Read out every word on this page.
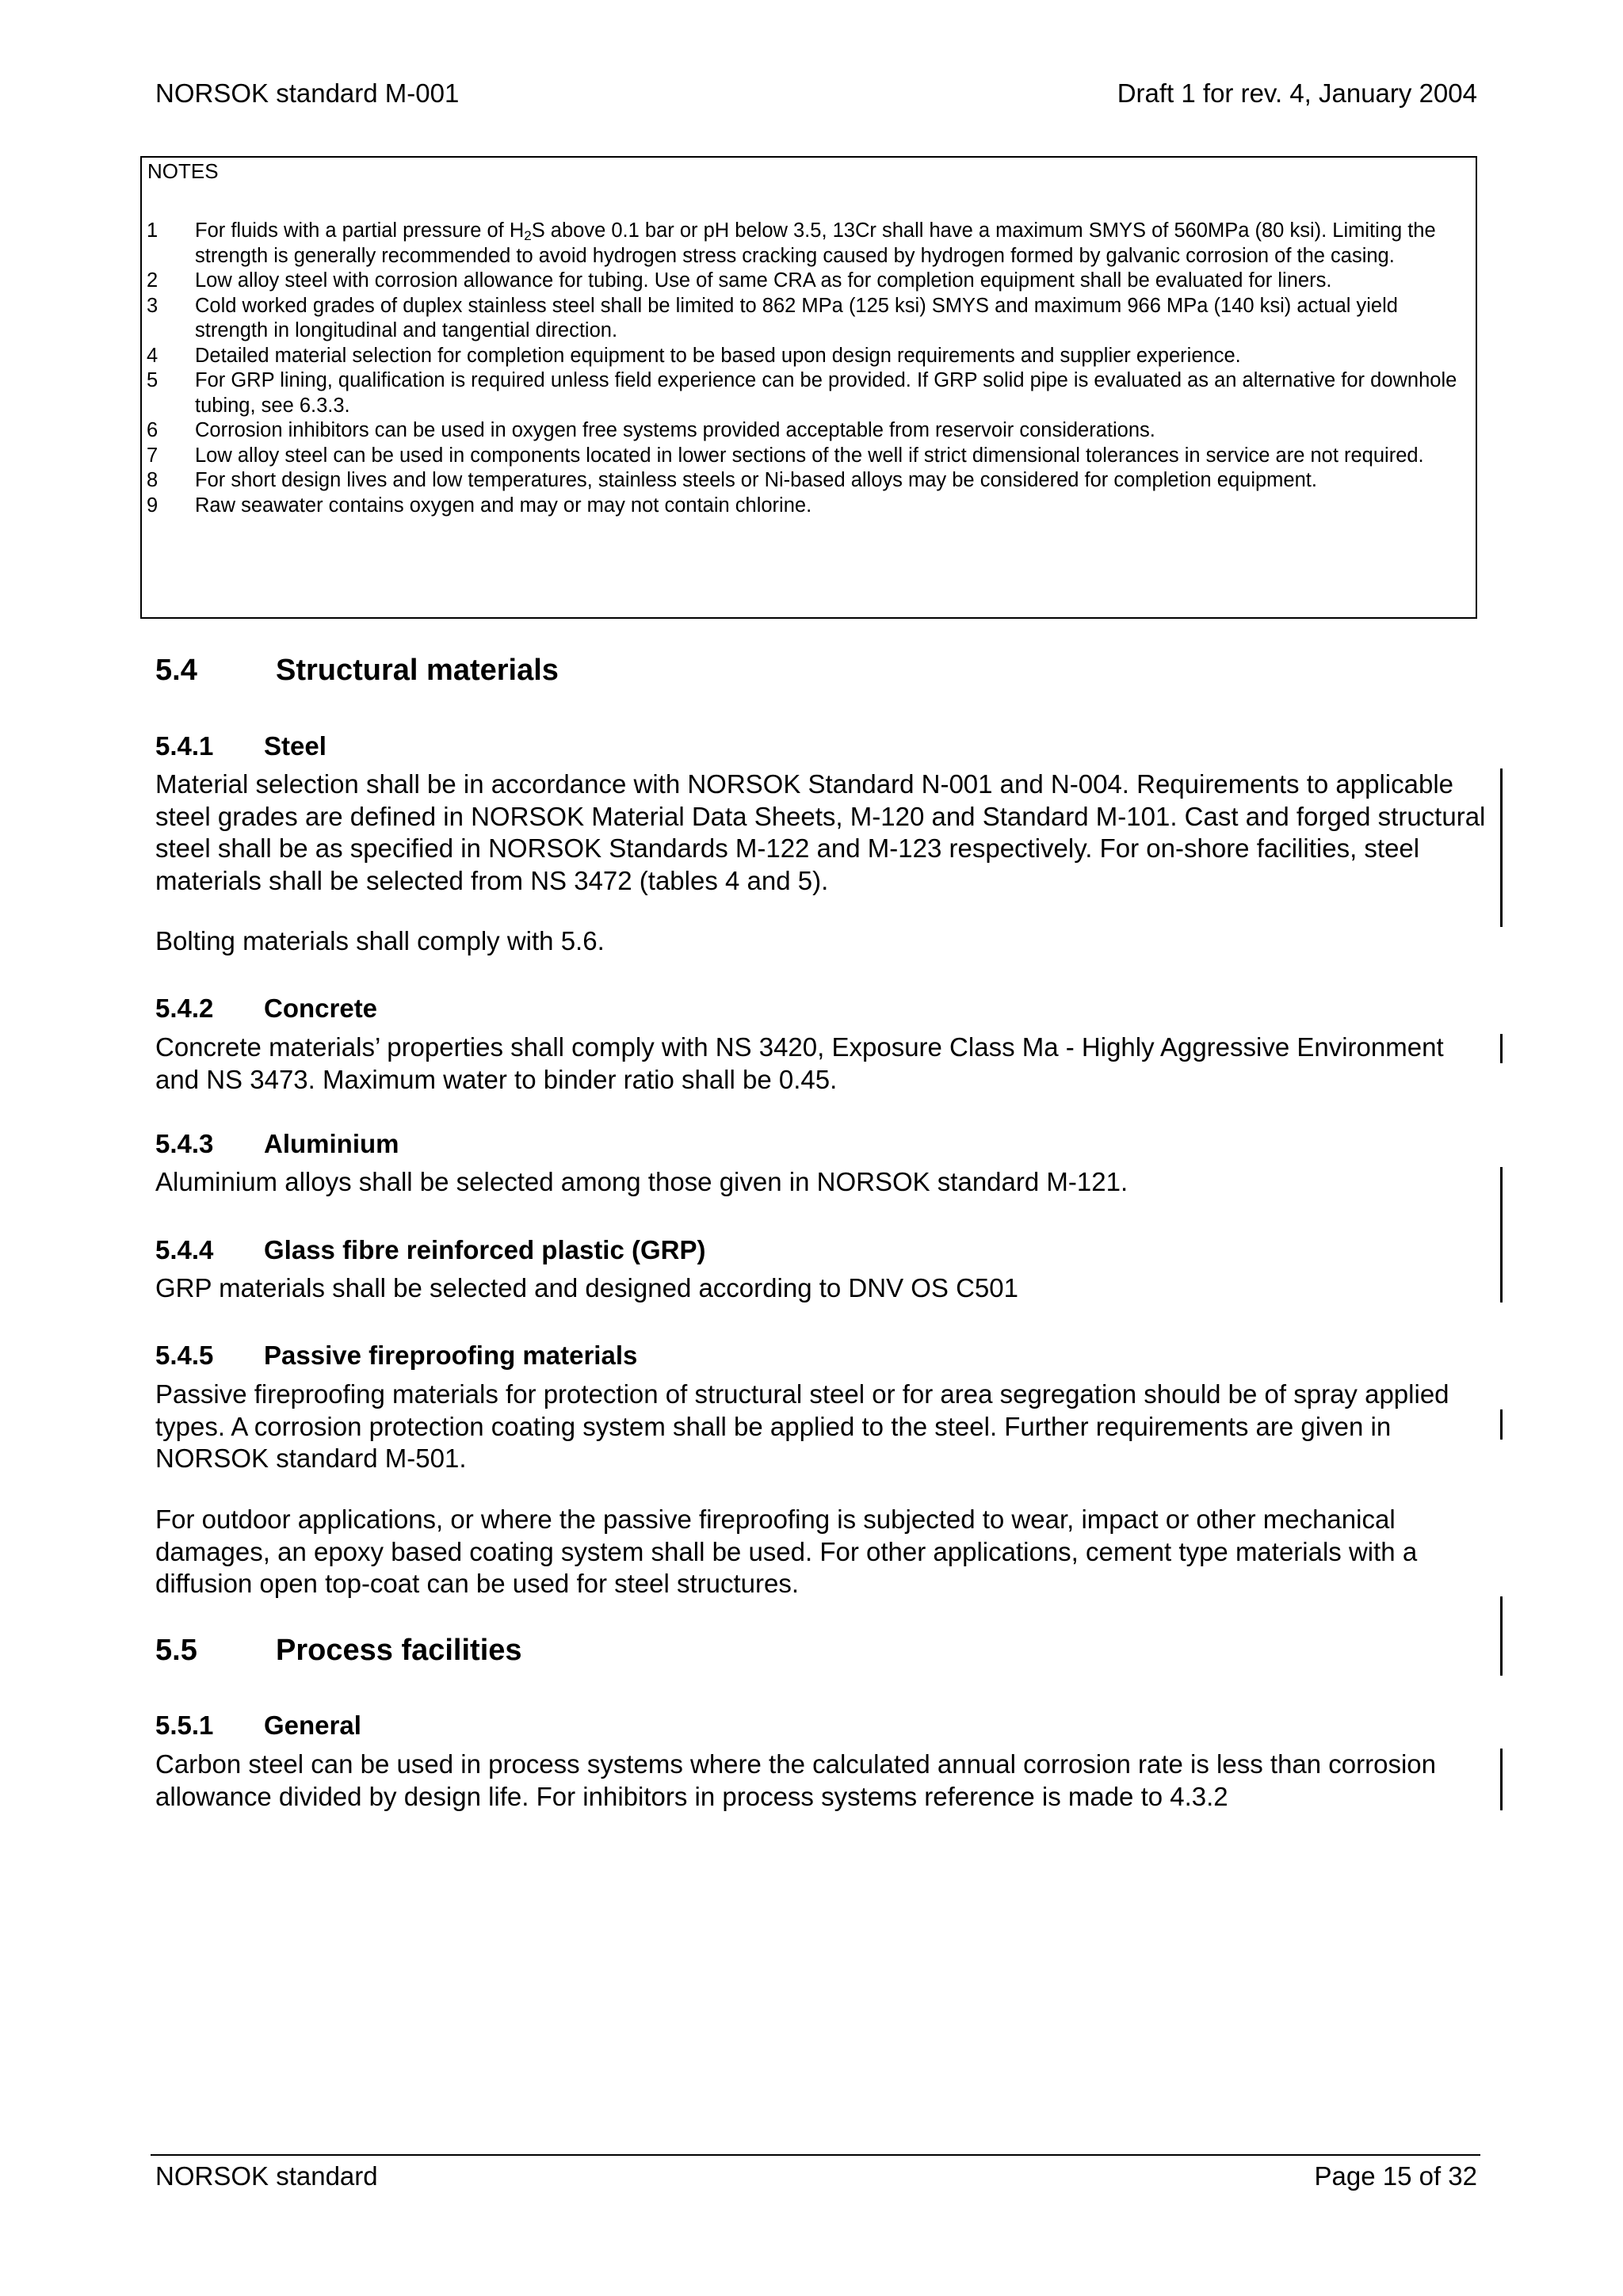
NORSOK standard M-001	Draft 1 for rev. 4, January 2004
NOTES
1	For fluids with a partial pressure of $H_2S$ above 0.1 bar or pH below 3.5, 13Cr shall have a maximum SMYS of 560MPa (80 ksi). Limiting the strength is generally recommended to avoid hydrogen stress cracking caused by hydrogen formed by galvanic corrosion of the casing.
2	Low alloy steel with corrosion allowance for tubing. Use of same CRA as for completion equipment shall be evaluated for liners.
3	Cold worked grades of duplex stainless steel shall be limited to 862 MPa (125 ksi) SMYS and maximum 966 MPa (140 ksi) actual yield strength in longitudinal and tangential direction.
4	Detailed material selection for completion equipment to be based upon design requirements and supplier experience.
5	For GRP lining, qualification is required unless field experience can be provided. If GRP solid pipe is evaluated as an alternative for downhole tubing, see 6.3.3.
6	Corrosion inhibitors can be used in oxygen free systems provided acceptable from reservoir considerations.
7	Low alloy steel can be used in components located in lower sections of the well if strict dimensional tolerances in service are not required.
8	For short design lives and low temperatures, stainless steels or Ni-based alloys may be considered for completion equipment.
9	Raw seawater contains oxygen and may or may not contain chlorine.
5.4	Structural materials
5.4.1 Steel
Material selection shall be in accordance with NORSOK Standard N-001 and N-004. Requirements to applicable steel grades are defined in NORSOK Material Data Sheets, M-120 and Standard M-101. Cast and forged structural steel shall be as specified in NORSOK Standards M-122 and M-123 respectively. For on-shore facilities, steel materials shall be selected from NS 3472 (tables 4 and 5).
Bolting materials shall comply with 5.6.
5.4.2 Concrete
Concrete materials’ properties shall comply with NS 3420, Exposure Class Ma - Highly Aggressive Environment and NS 3473. Maximum water to binder ratio shall be 0.45.
5.4.3 Aluminium
Aluminium alloys shall be selected among those given in NORSOK standard M-121.
5.4.4 Glass fibre reinforced plastic (GRP)
GRP materials shall be selected and designed according to DNV OS C501
5.4.5 Passive fireproofing materials
Passive fireproofing materials for protection of structural steel or for area segregation should be of spray applied types. A corrosion protection coating system shall be applied to the steel. Further requirements are given in NORSOK standard M-501.
For outdoor applications, or where the passive fireproofing is subjected to wear, impact or other mechanical damages, an epoxy based coating system shall be used. For other applications, cement type materials with a diffusion open top-coat can be used for steel structures.
5.5	Process facilities
5.5.1 General
Carbon steel can be used in process systems where the calculated annual corrosion rate is less than corrosion allowance divided by design life. For inhibitors in process systems reference is made to 4.3.2
NORSOK standard	Page 15 of 32
